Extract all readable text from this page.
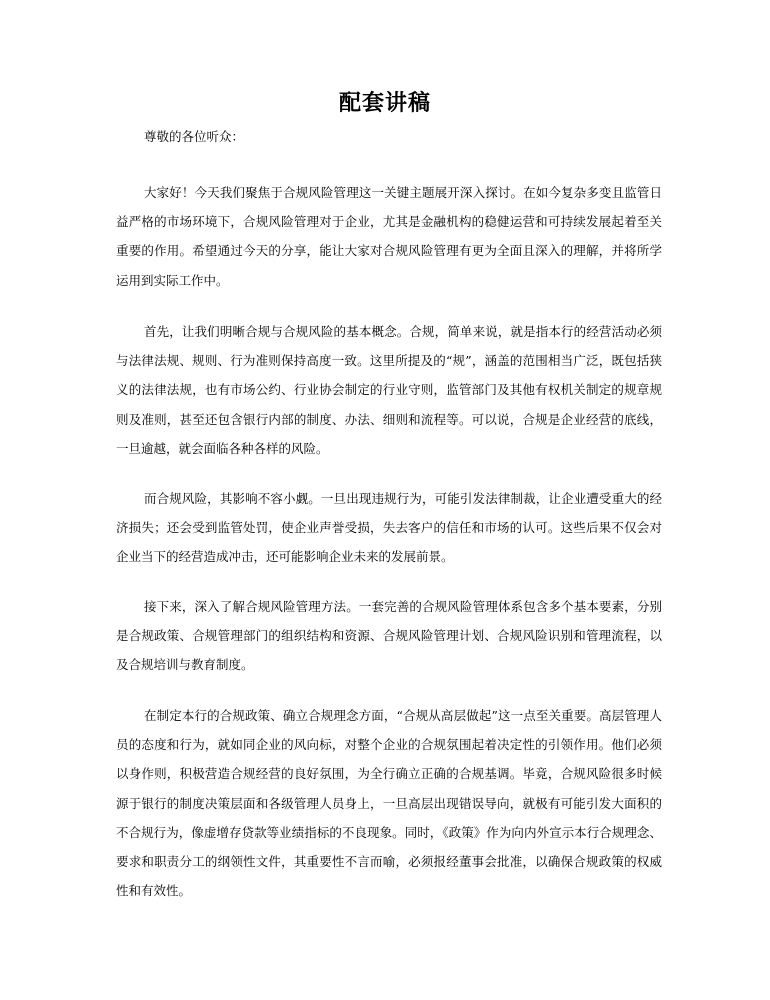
配套讲稿
尊敬的各位听众：

大家好！今天我们聚焦于合规风险管理这一关键主题展开深入探讨。在如今复杂多变且监管日益严格的市场环境下，合规风险管理对于企业，尤其是金融机构的稳健运营和可持续发展起着至关重要的作用。希望通过今天的分享，能让大家对合规风险管理有更为全面且深入的理解，并将所学运用到实际工作中。

首先，让我们明晰合规与合规风险的基本概念。合规，简单来说，就是指本行的经营活动必须与法律法规、规则、行为准则保持高度一致。这里所提及的“规”，涵盖的范围相当广泛，既包括狭义的法律法规，也有市场公约、行业协会制定的行业守则，监管部门及其他有权机关制定的规章规则及准则，甚至还包含银行内部的制度、办法、细则和流程等。可以说，合规是企业经营的底线，一旦逾越，就会面临各种各样的风险。

而合规风险，其影响不容小觑。一旦出现违规行为，可能引发法律制裁，让企业遭受重大的经济损失；还会受到监管处罚，使企业声誉受损，失去客户的信任和市场的认可。这些后果不仅会对企业当下的经营造成冲击，还可能影响企业未来的发展前景。

接下来，深入了解合规风险管理方法。一套完善的合规风险管理体系包含多个基本要素，分别是合规政策、合规管理部门的组织结构和资源、合规风险管理计划、合规风险识别和管理流程，以及合规培训与教育制度。

在制定本行的合规政策、确立合规理念方面，“合规从高层做起”这一点至关重要。高层管理人员的态度和行为，就如同企业的风向标，对整个企业的合规氛围起着决定性的引领作用。他们必须以身作则，积极营造合规经营的良好氛围，为全行确立正确的合规基调。毕竟，合规风险很多时候源于银行的制度决策层面和各级管理人员身上，一旦高层出现错误导向，就极有可能引发大面积的不合规行为，像虚增存贷款等业绩指标的不良现象。同时，《政策》作为向内外宣示本行合规理念、要求和职责分工的纲领性文件，其重要性不言而喻，必须报经董事会批准，以确保合规政策的权威性和有效性。
